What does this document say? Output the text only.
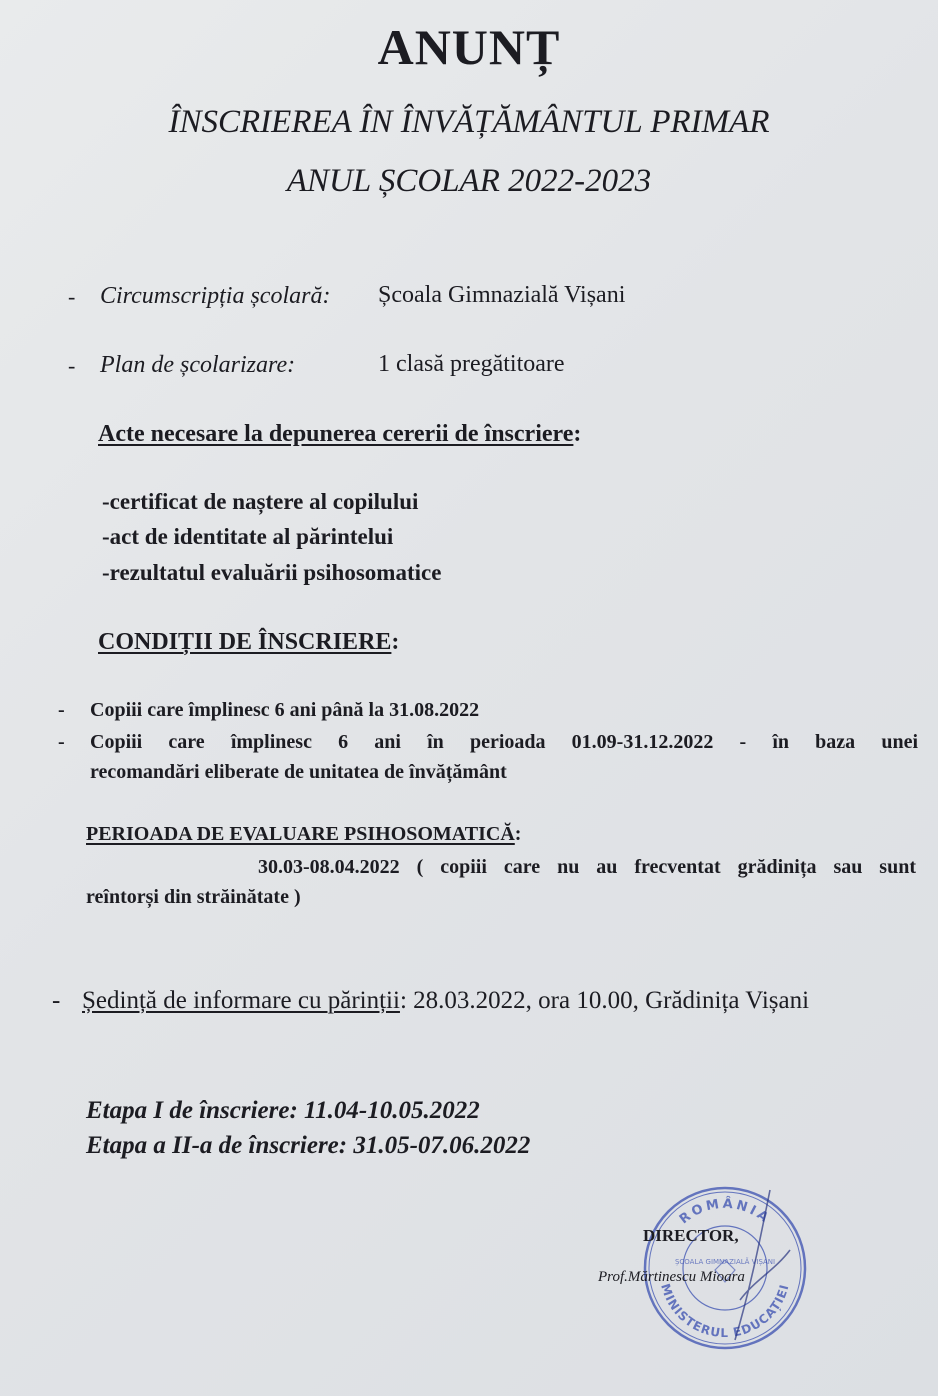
ANUNȚ
ÎNSCRIEREA ÎN ÎNVĂȚĂMÂNTUL PRIMAR
ANUL ȘCOLAR 2022-2023
- Circumscripția școlară: Școala Gimnazială Vișani
- Plan de școlarizare:	1 clasă pregătitoare
Acte necesare la depunerea cererii de înscriere:
-certificat de naștere al copilului
-act de identitate al părintelui
-rezultatul evaluării psihosomatice
CONDIȚII DE ÎNSCRIERE:
- Copiii care împlinesc 6 ani până la 31.08.2022
- Copiii care împlinesc 6 ani în perioada 01.09-31.12.2022 - în baza unei
recomandări eliberate de unitatea de învățământ
PERIOADA DE EVALUARE PSIHOSOMATICĂ:
30.03-08.04.2022 ( copiii care nu au frecventat grădinița sau sunt
reîntorși din străinătate )
- Ședință de informare cu părinții: 28.03.2022, ora 10.00, Grădinița Vișani
Etapa I de înscriere: 11.04-10.05.2022
Etapa a II-a de înscriere: 31.05-07.06.2022
ROMÂNIA
MINISTERUL EDUCAȚIEI
ȘCOALA GIMNAZIALĂ VIȘANI
DIRECTOR,
Prof.Mărtinescu Mioara
